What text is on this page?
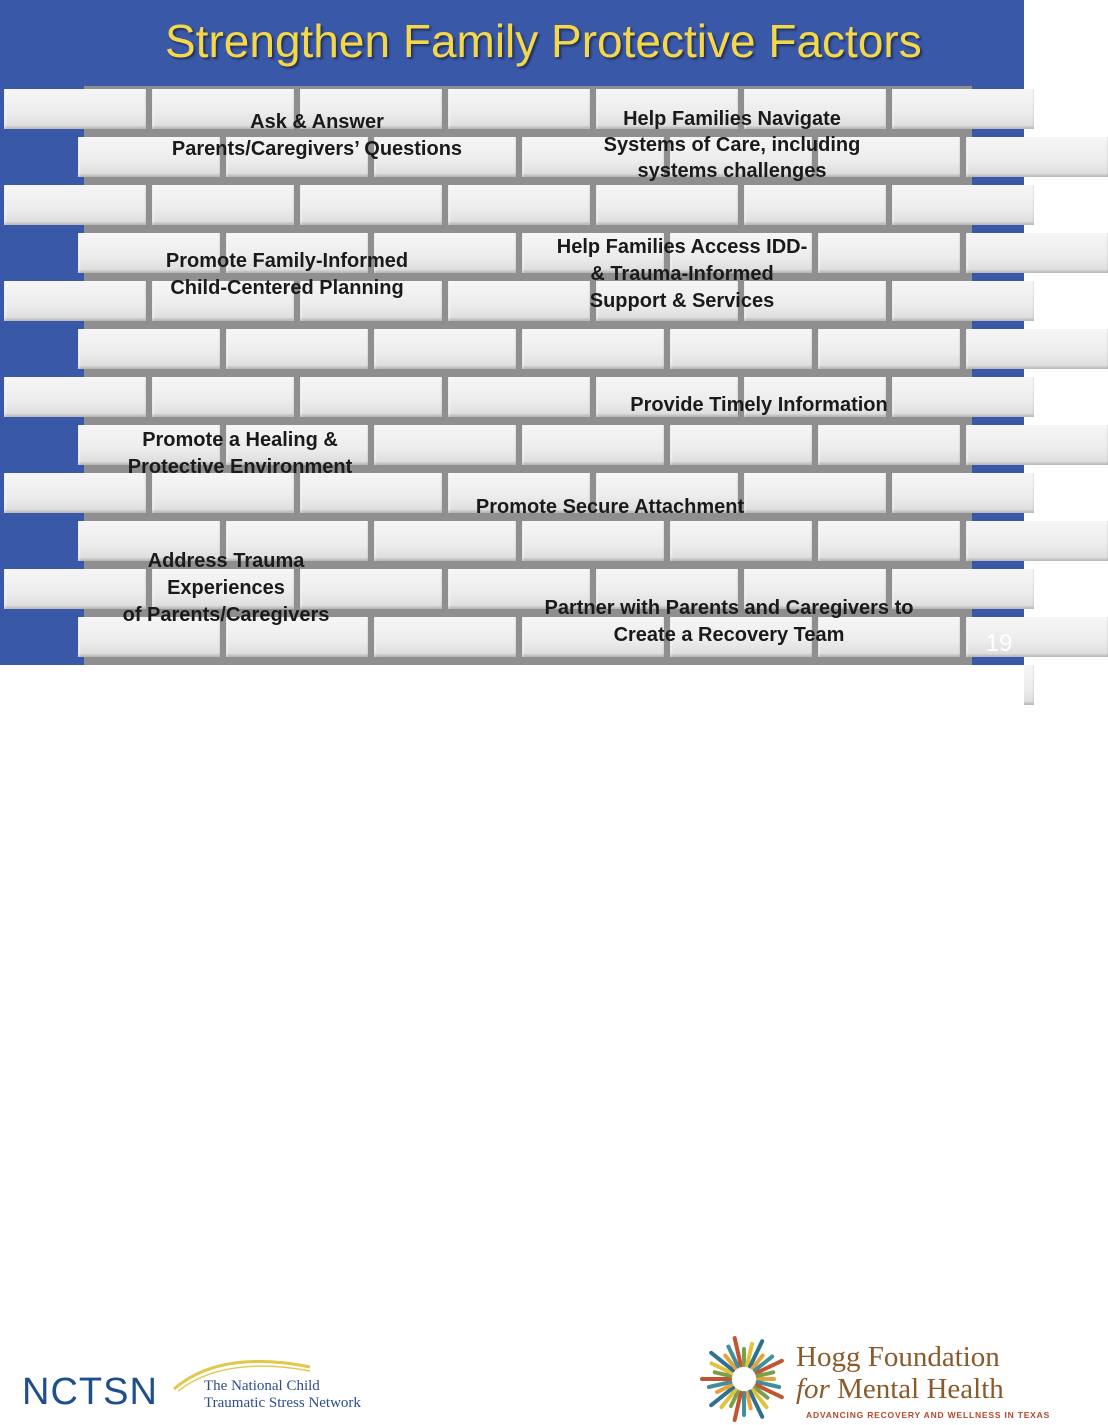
Strengthen Family Protective Factors
Ask & Answer
Parents/Caregivers’ Questions
Help Families Navigate
Systems of Care, including
systems challenges
Promote Family-Informed
Child-Centered Planning
Help Families Access IDD-
& Trauma-Informed
Support & Services
Provide Timely Information
Promote a Healing &
Protective Environment
Promote Secure Attachment
Address Trauma
Experiences
of Parents/Caregivers	Partner with Parents and Caregivers to
Create a Recovery Team	19
NCTSN	The National Child
Traumatic Stress Network
Hogg Foundation
for Mental Health
ADVANCING RECOVERY AND WELLNESS IN TEXAS
